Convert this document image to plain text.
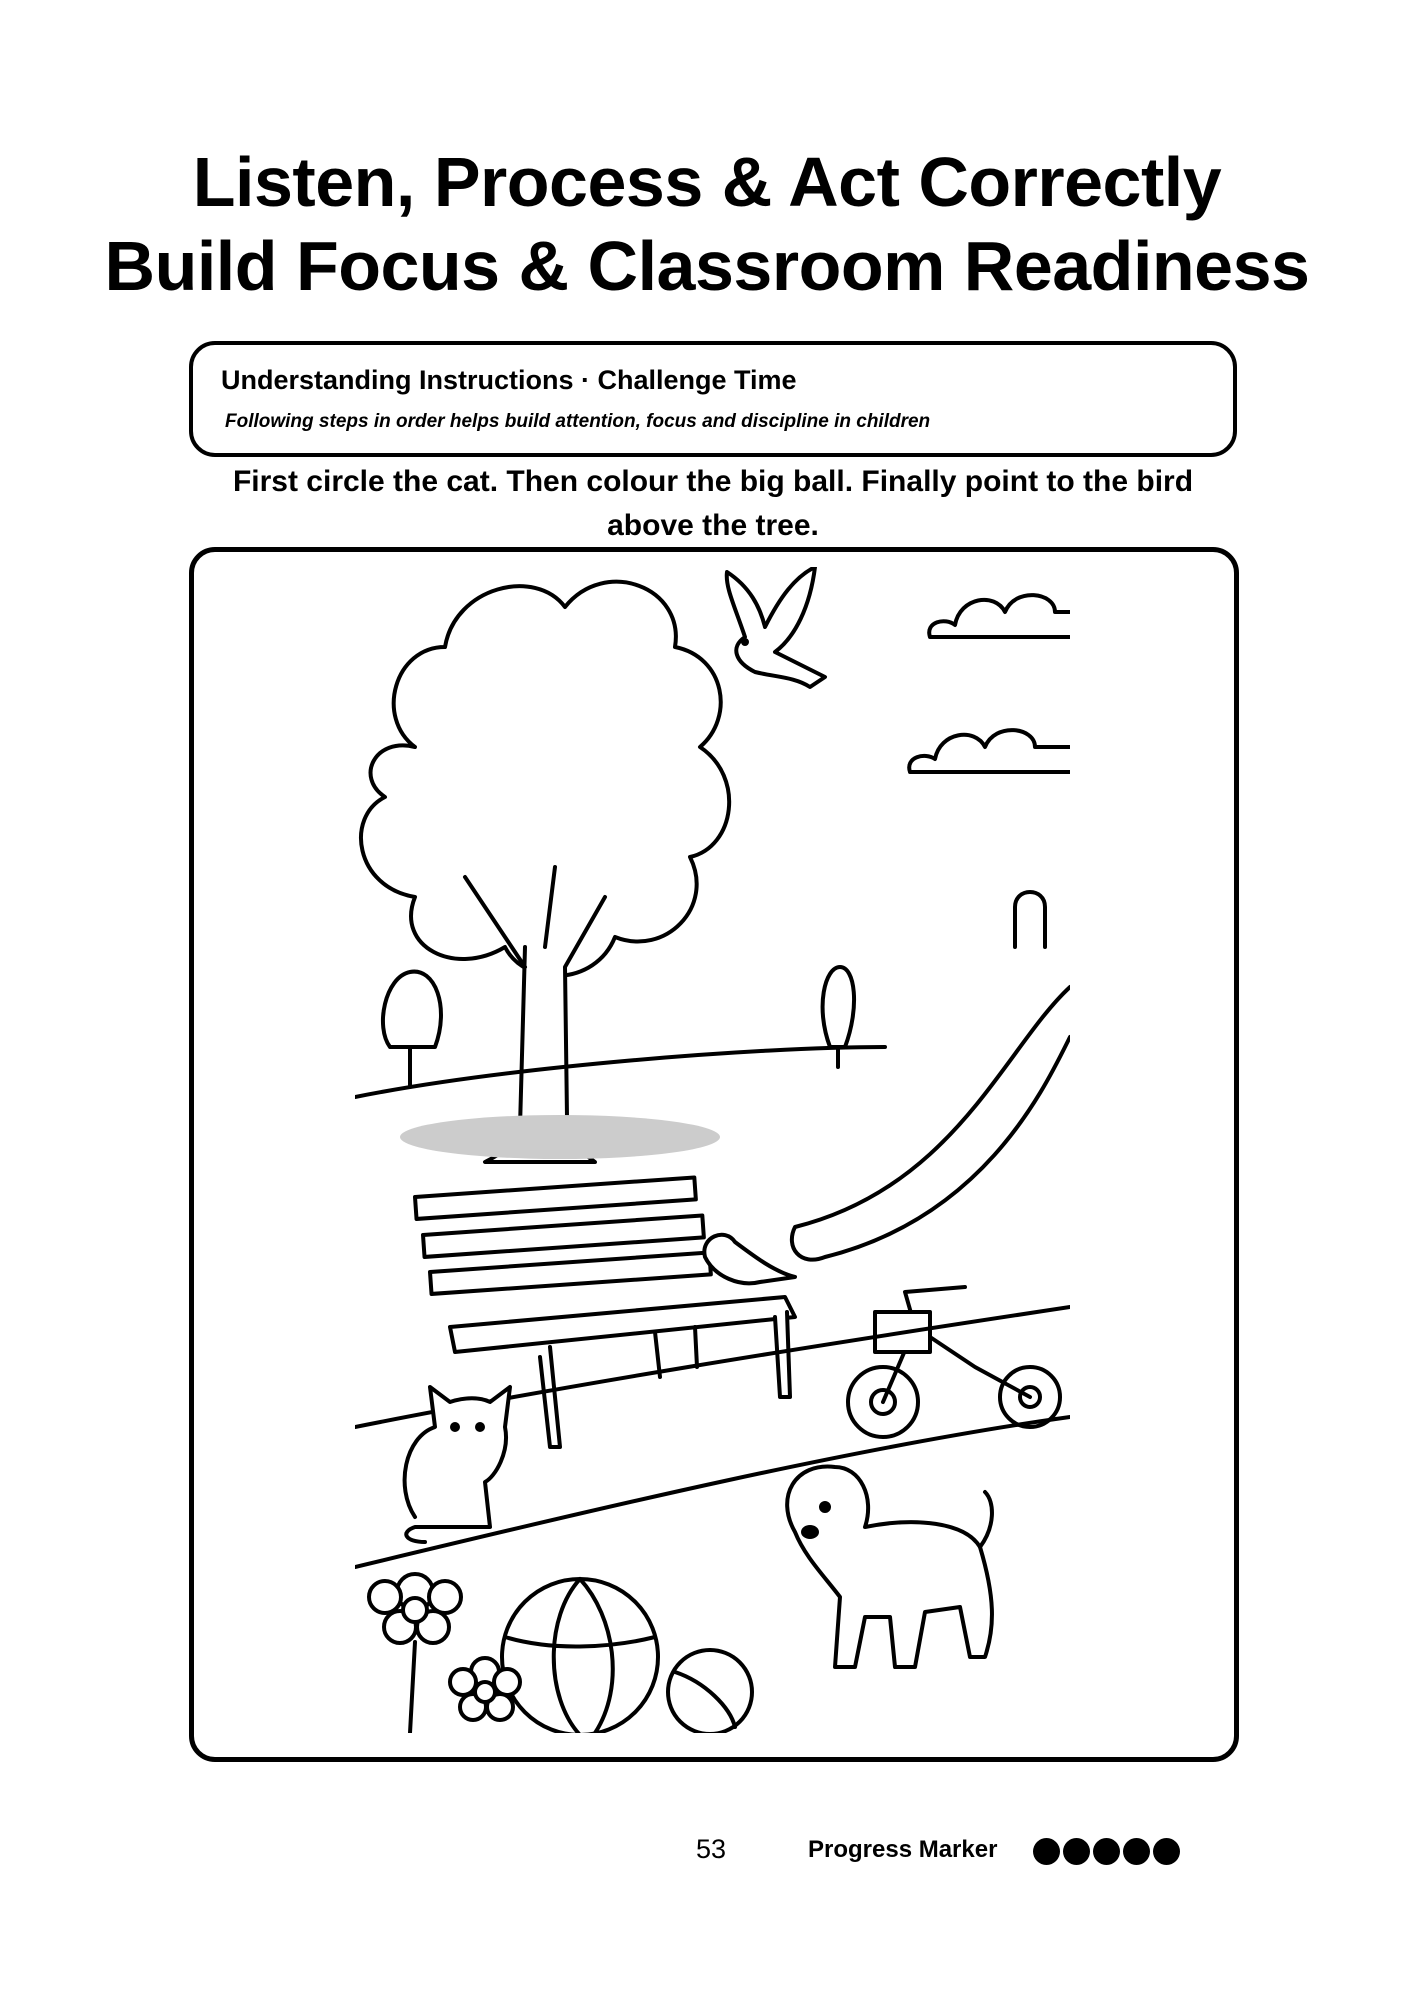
Listen, Process & Act Correctly
Build Focus & Classroom Readiness
Understanding Instructions · Challenge Time
Following steps in order helps build attention, focus and discipline in children
First circle the cat. Then colour the big ball. Finally point to the bird above the tree.
53	Progress Marker
